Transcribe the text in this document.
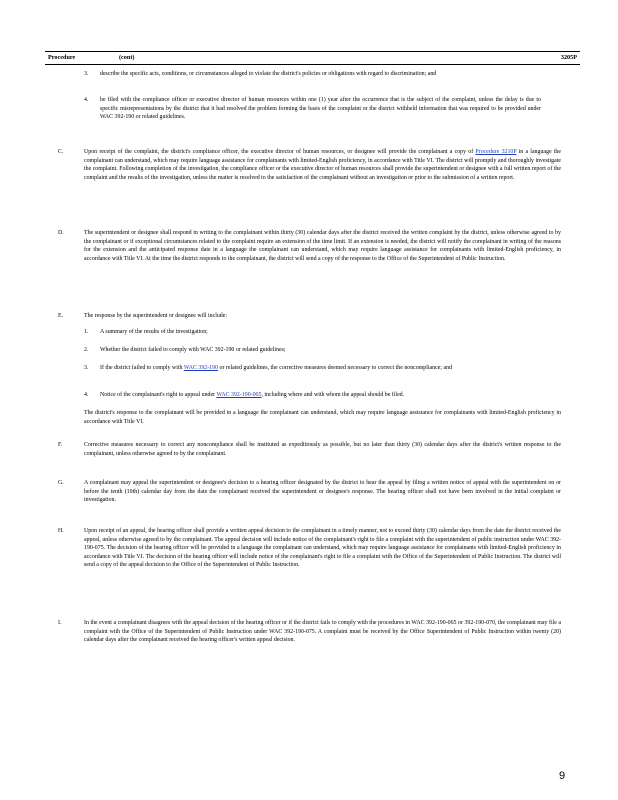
Procedure	(cont)	3205P
3. describe the specific acts, conditions, or circumstances alleged to violate the district's policies or obligations with regard to discrimination; and
4. be filed with the compliance officer or executive director of human resources within one (1) year after the occurrence that is the subject of the complaint, unless the delay is due to specific misrepresentations by the district that it had resolved the problem forming the basis of the complaint or the district withheld information that was required to be provided under WAC 392-190 or related guidelines.
C.	Upon receipt of the complaint, the district's compliance officer, the executive director of human resources, or designee will provide the complainant a copy of Procedure 3210P in a language the complainant can understand, which may require language assistance for complainants with limited-English proficiency, in accordance with Title VI. The district will promptly and thoroughly investigate the complaint. Following completion of the investigation, the compliance officer or the executive director of human resources shall provide the superintendent or designee with a full written report of the complaint and the results of the investigation, unless the matter is resolved to the satisfaction of the complainant without an investigation or prior to the submission of a written report.
D.	The superintendent or designee shall respond in writing to the complainant within thirty (30) calendar days after the district received the written complaint by the district, unless otherwise agreed to by the complainant or if exceptional circumstances related to the complaint require an extension of the time limit. If an extension is needed, the district will notify the complainant in writing of the reasons for the extension and the anticipated response date in a language the complainant can understand, which may require language assistance for complainants with limited-English proficiency, in accordance with Title VI. At the time the district responds to the complainant, the district will send a copy of the response to the Office of the Superintendent of Public Instruction.
E.	The response by the superintendent or designee will include:
1. A summary of the results of the investigation;
2. Whether the district failed to comply with WAC 392-190 or related guidelines;
3. If the district failed to comply with WAC 392-190 or related guidelines, the corrective measures deemed necessary to correct the noncompliance; and
4. Notice of the complainant's right to appeal under WAC 392-190-005, including where and with whom the appeal should be filed.
The district's response to the complainant will be provided in a language the complainant can understand, which may require language assistance for complainants with limited-English proficiency in accordance with Title VI.
F.	Corrective measures necessary to correct any noncompliance shall be instituted as expeditiously as possible, but no later than thirty (30) calendar days after the district's written response to the complainant, unless otherwise agreed to by the complainant.
G.	A complainant may appeal the superintendent or designee's decision to a hearing officer designated by the district to hear the appeal by filing a written notice of appeal with the superintendent on or before the tenth (10th) calendar day from the date the complainant received the superintendent or designee's response. The hearing officer shall not have been involved in the initial complaint or investigation.
H.	Upon receipt of an appeal, the hearing officer shall provide a written appeal decision to the complainant in a timely manner, not to exceed thirty (30) calendar days from the date the district received the appeal, unless otherwise agreed to by the complainant. The appeal decision will include notice of the complainant's right to file a complaint with the superintendent of public instruction under WAC 392-190-075. The decision of the hearing officer will be provided in a language the complainant can understand, which may require language assistance for complainants with limited-English proficiency in accordance with Title VI. The decision of the hearing officer will include notice of the complainant's right to file a complaint with the Office of the Superintendent of Public Instruction. The district will send a copy of the appeal decision to the Office of the Superintendent of Public Instruction.
I.	In the event a complainant disagrees with the appeal decision of the hearing officer or if the district fails to comply with the procedures in WAC 392-190-065 or 392-190-070, the complainant may file a complaint with the Office of the Superintendent of Public Instruction under WAC 392-190-075. A complaint must be received by the Office Superintendent of Public Instruction within twenty (20) calendar days after the complainant received the hearing officer's written appeal decision.
9
